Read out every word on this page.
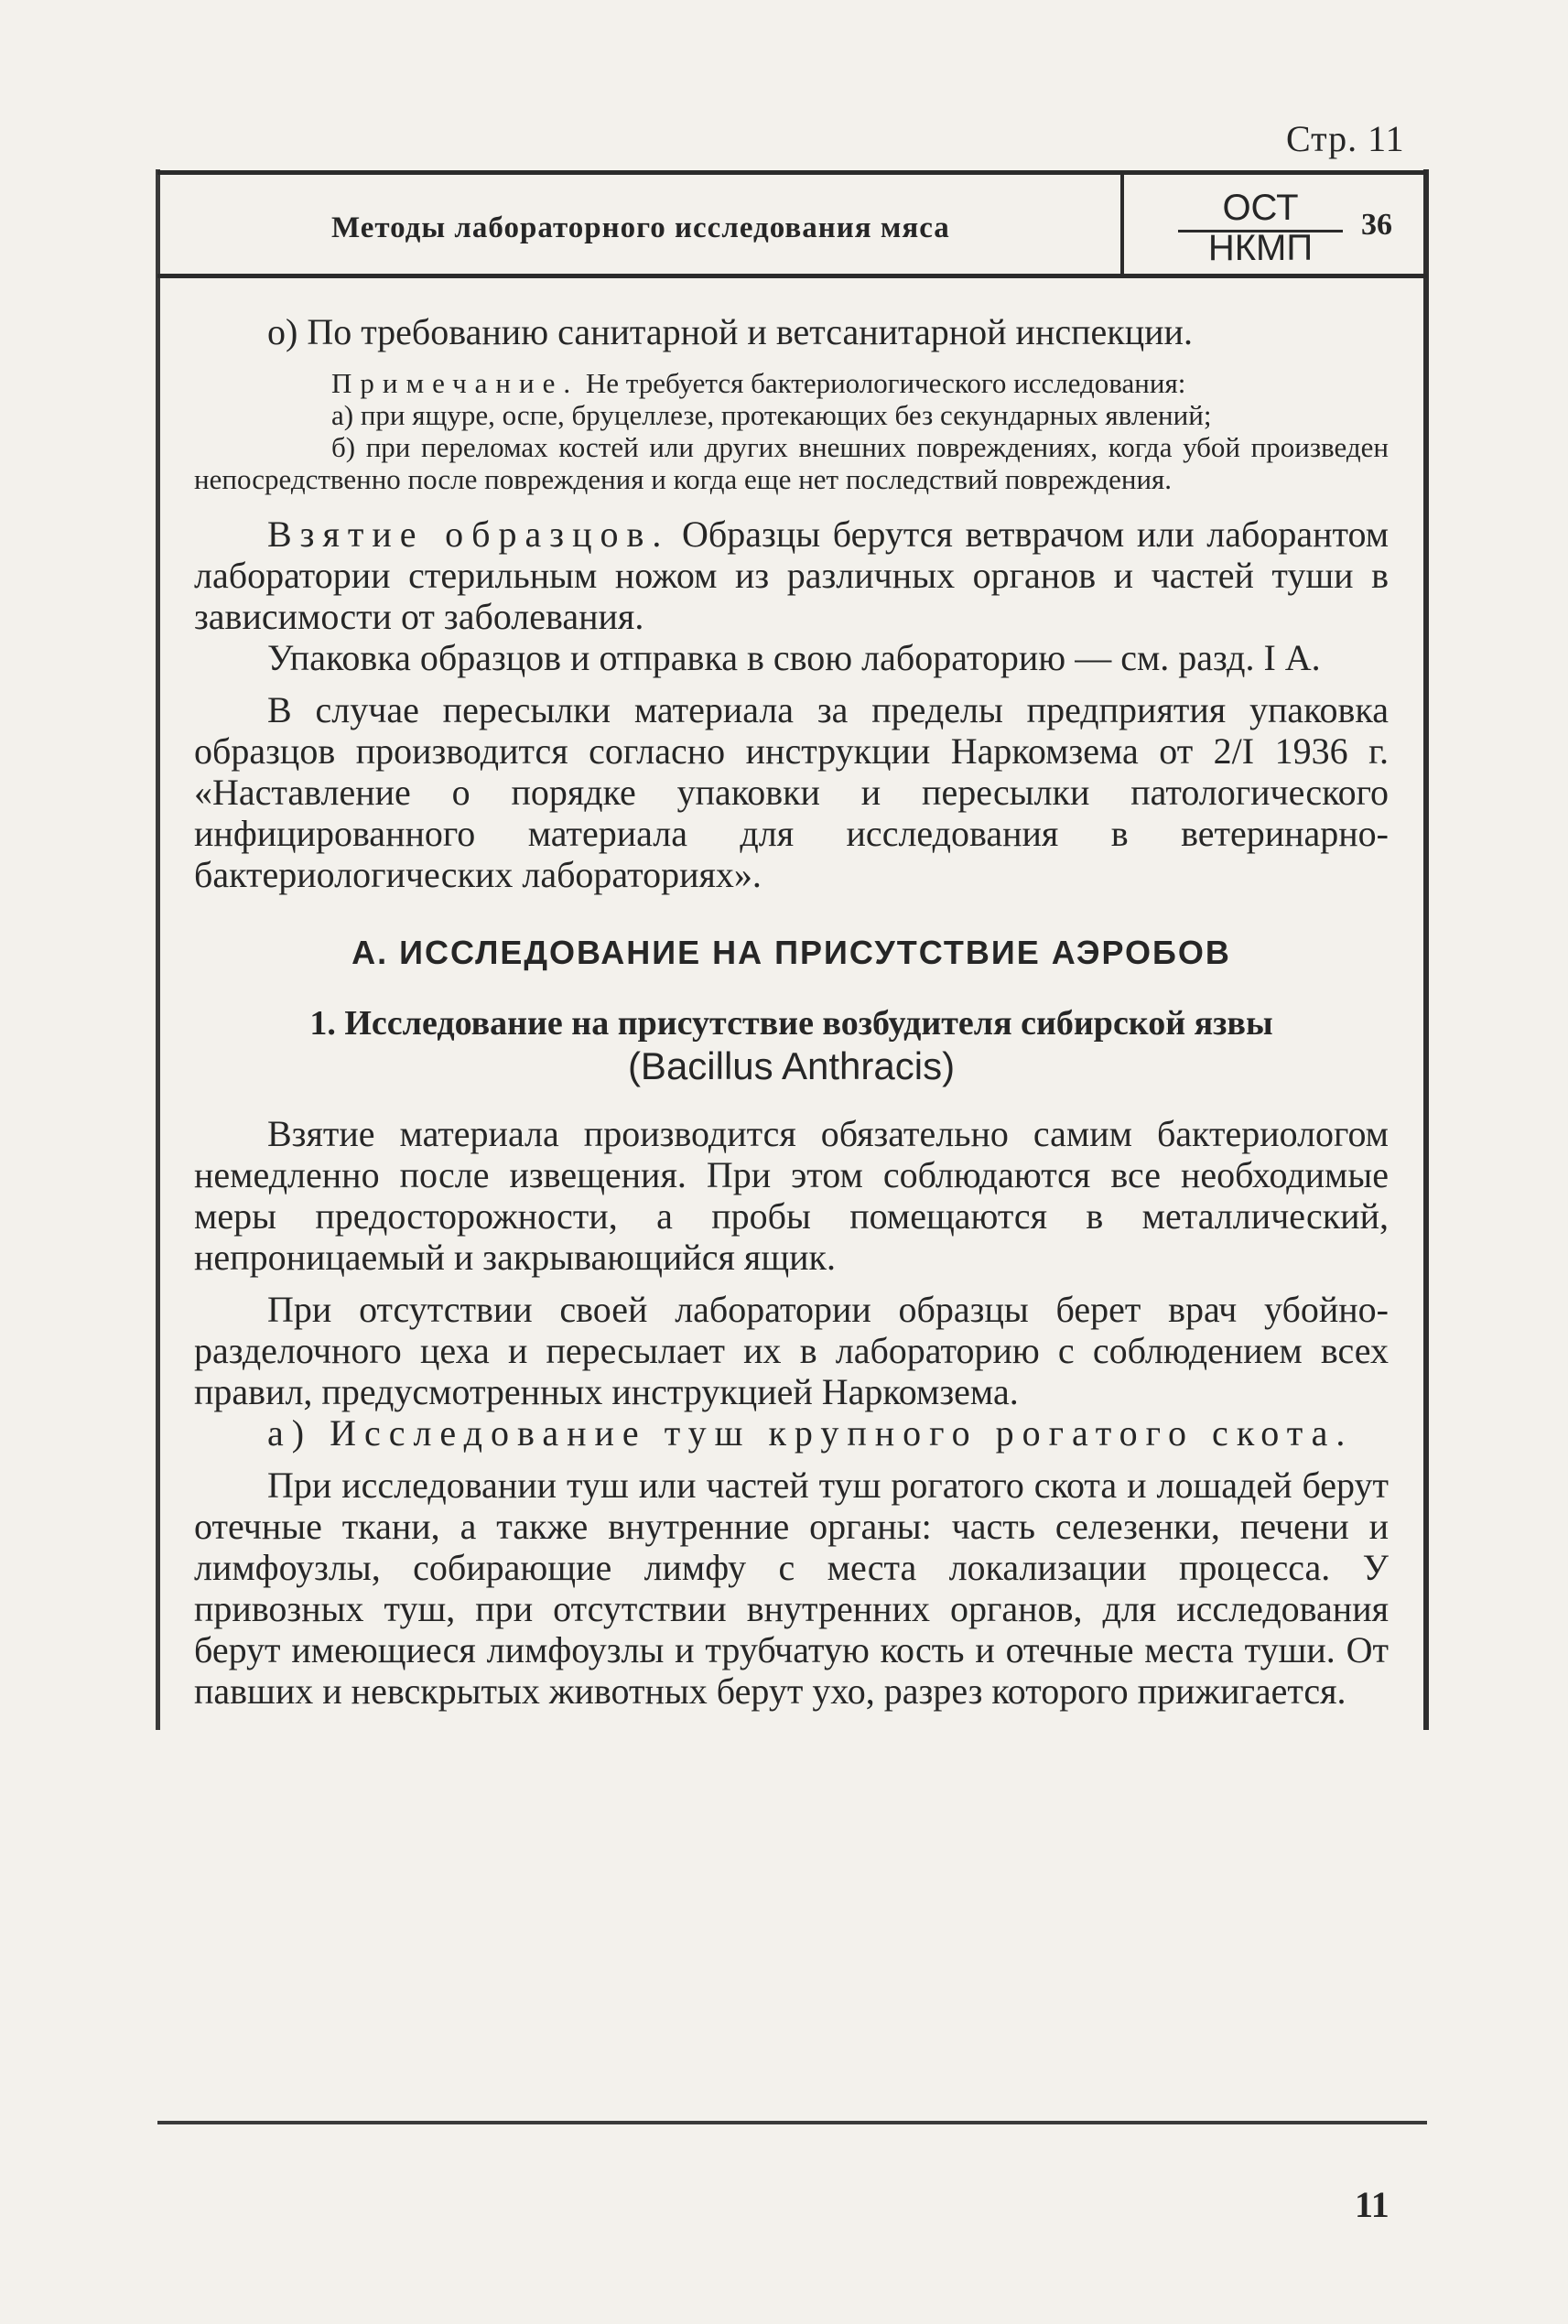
Стр. 11
Методы лабораторного исследования мяса	ОСТ
НКМП
36

о) По требованию санитарной и ветсанитарной инспекции.

Примечание. Не требуется бактериологического исследования:
а) при ящуре, оспе, бруцеллезе, протекающих без секундарных явлений;
б) при переломах костей или других внешних повреждениях, когда убой произведен непосредственно после повреждения и когда еще нет последствий повреждения.

Взятие образцов. Образцы берутся ветврачом или лаборантом лаборатории стерильным ножом из различных органов и частей туши в зависимости от заболевания.

Упаковка образцов и отправка в свою лабораторию — см. разд. I А.

В случае пересылки материала за пределы предприятия упаковка образцов производится согласно инструкции Наркомзема от 2/I 1936 г. «Наставление о порядке упаковки и пересылки патологического инфицированного материала для исследования в ветеринарно-бактериологических лабораториях».

А. ИССЛЕДОВАНИЕ НА ПРИСУТСТВИЕ АЭРОБОВ

1. Исследование на присутствие возбудителя сибирской язвы

(Bacillus Anthracis)

Взятие материала производится обязательно самим бактериологом немедленно после извещения. При этом соблюдаются все необходимые меры предосторожности, а пробы помещаются в металлический, непроницаемый и закрывающийся ящик.

При отсутствии своей лаборатории образцы берет врач убойно-разделочного цеха и пересылает их в лабораторию с соблюдением всех правил, предусмотренных инструкцией Наркомзема.

а) Исследование туш крупного рогатого скота.

При исследовании туш или частей туш рогатого скота и лошадей берут отечные ткани, а также внутренние органы: часть селезенки, печени и лимфоузлы, собирающие лимфу с места локализации процесса. У привозных туш, при отсутствии внутренних органов, для исследования берут имеющиеся лимфоузлы и трубчатую кость и отечные места туши. От павших и невскрытых животных берут ухо, разрез которого прижигается.

11
